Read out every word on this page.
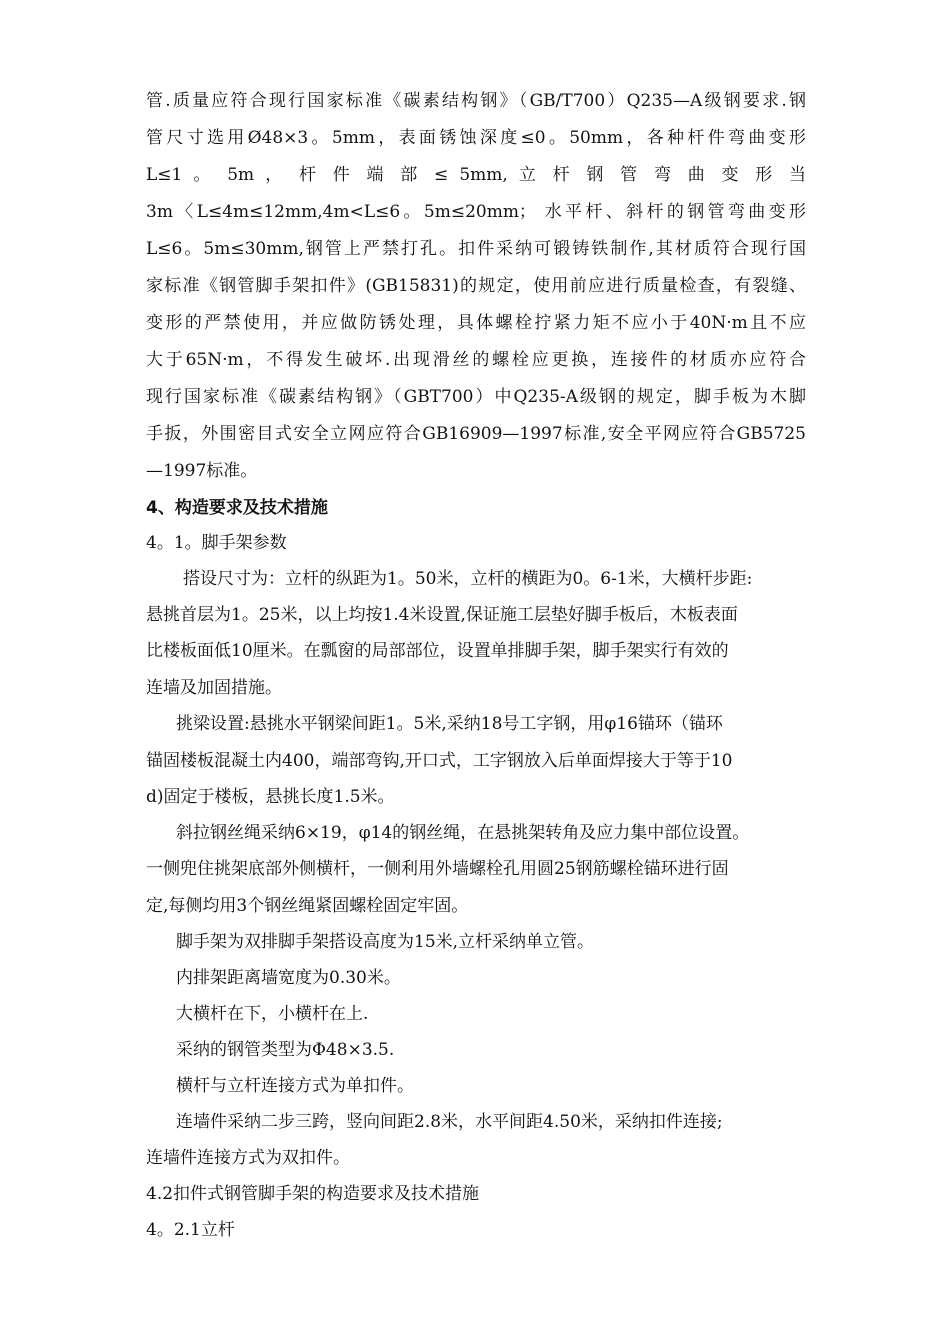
管.质量应符合现行国家标准《碳素结构钢》（GB/T700）Q235—A级钢要求.钢
管尺寸选用Ø48×3。5mm，表面锈蚀深度≤0。50mm，各种杆件弯曲变形
L≤1 。 5m ， 杆 件 端 部 ≤ 5mm, 立 杆 钢 管 弯 曲 变 形 当
3m〈L≤4m≤12mm,4m<L≤6。5m≤20mm； 水平杆、斜杆的钢管弯曲变形
L≤6。5m≤30mm,钢管上严禁打孔。扣件采纳可锻铸铁制作,其材质符合现行国
家标准《钢管脚手架扣件》(GB15831)的规定，使用前应进行质量检查，有裂缝、
变形的严禁使用，并应做防锈处理，具体螺栓拧紧力矩不应小于40N·m且不应
大于65N·m，不得发生破坏.出现滑丝的螺栓应更换，连接件的材质亦应符合
现行国家标准《碳素结构钢》（GBT700）中Q235-A级钢的规定，脚手板为木脚
手扳，外围密目式安全立网应符合GB16909—1997标准,安全平网应符合GB5725
—1997标准。
4、构造要求及技术措施
4。1。脚手架参数
搭设尺寸为：立杆的纵距为1。50米，立杆的横距为0。6-1米，大横杆步距:
悬挑首层为1。25米，以上均按1.4米设置,保证施工层垫好脚手板后，木板表面
比楼板面低10厘米。在瓢窗的局部部位，设置单排脚手架，脚手架实行有效的
连墙及加固措施。
挑梁设置:悬挑水平钢梁间距1。5米,采纳18号工字钢，用φ16锚环（锚环
锚固楼板混凝土内400，端部弯钩,开口式，工字钢放入后单面焊接大于等于10
d)固定于楼板，悬挑长度1.5米。
斜拉钢丝绳采纳6×19，φ14的钢丝绳，在悬挑架转角及应力集中部位设置。
一侧兜住挑架底部外侧横杆，一侧利用外墙螺栓孔用圆25钢筋螺栓锚环进行固
定,每侧均用3个钢丝绳紧固螺栓固定牢固。
脚手架为双排脚手架搭设高度为15米,立杆采纳单立管。
内排架距离墙宽度为0.30米。
大横杆在下，小横杆在上.
采纳的钢管类型为Φ48×3.5.
横杆与立杆连接方式为单扣件。
连墙件采纳二步三跨，竖向间距2.8米，水平间距4.50米，采纳扣件连接;
连墙件连接方式为双扣件。
4.2扣件式钢管脚手架的构造要求及技术措施
4。2.1立杆
